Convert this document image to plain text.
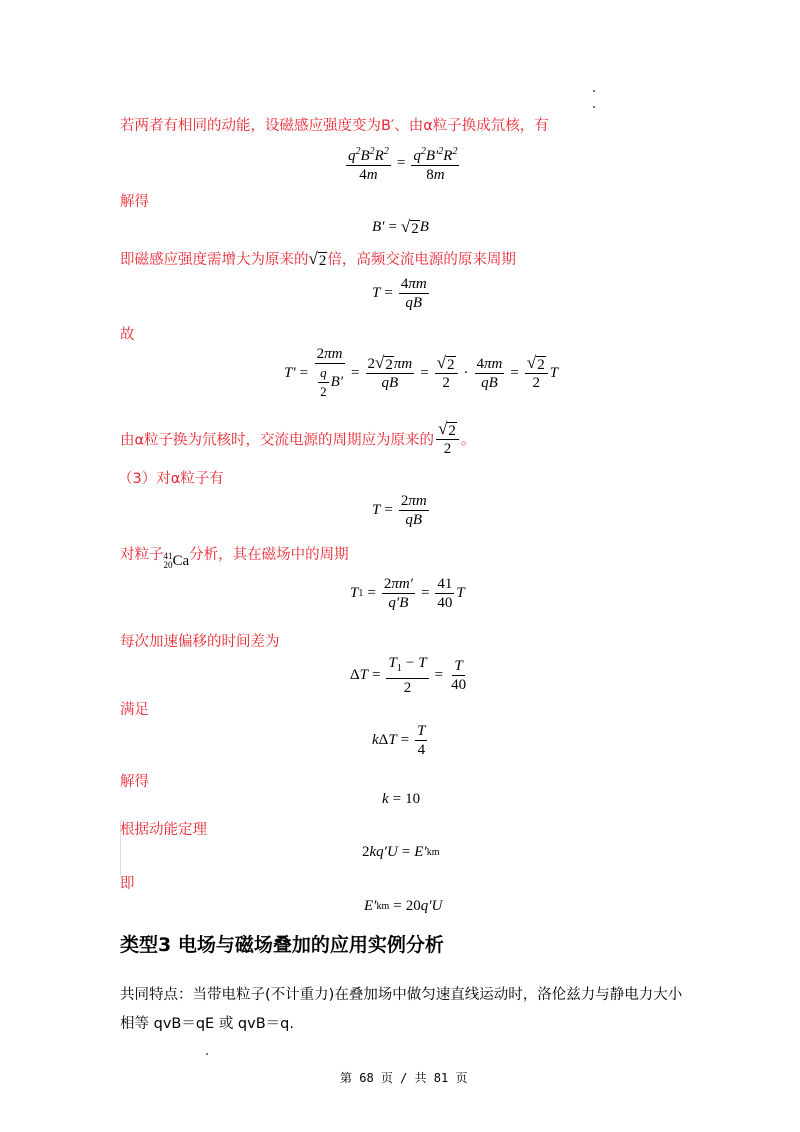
若两者有相同的动能，设磁感应强度变为B′、由α粒子换成氘核，有
$\frac{q^2B^2R^2}{4m} = \frac{q^2B'^2R^2}{8m}$
解得
B′ = √ 2 B
即磁感应强度需增大为原来的 √ 2 倍，高频交流电源的原来周期
$T = \frac{4\pi m}{qB}$
故
$T' = \frac{2\pi m}{\frac{q}{2} B'} = \frac{2 √ 2 \pi m}{qB} = \frac{√ 2}{2} \cdot \frac{4\pi m}{qB} = \frac{√ 2}{2}$ T
由α粒子换为氘核时，交流电源的周期应为原来的 $\frac{√ 2}{2}$ 。
（3）对α粒子有
$T = \frac{2\pi m}{qB}$
对粒子 41
20 Ca 分析，其在磁场中的周期
T $1 = \frac{2\pi m'}{q'B} = \frac{41}{40}$ T
每次加速偏移的时间差为
Δ $T = \frac{T_1 - T}{2} = \frac{T}{40}$
满足
k Δ $T = \frac{T}{4}$
解得
k = 10
根据动能定理
2 kq′U = E′ km
即
E′ km = 20 q′U
类型3 电场与磁场叠加的应用实例分析
共同特点：当带电粒子(不计重力)在叠加场中做匀速直线运动时，洛伦兹力与静电力大小
相等 qvB＝qE 或 qvB＝q.
第 68 页 / 共 81 页
